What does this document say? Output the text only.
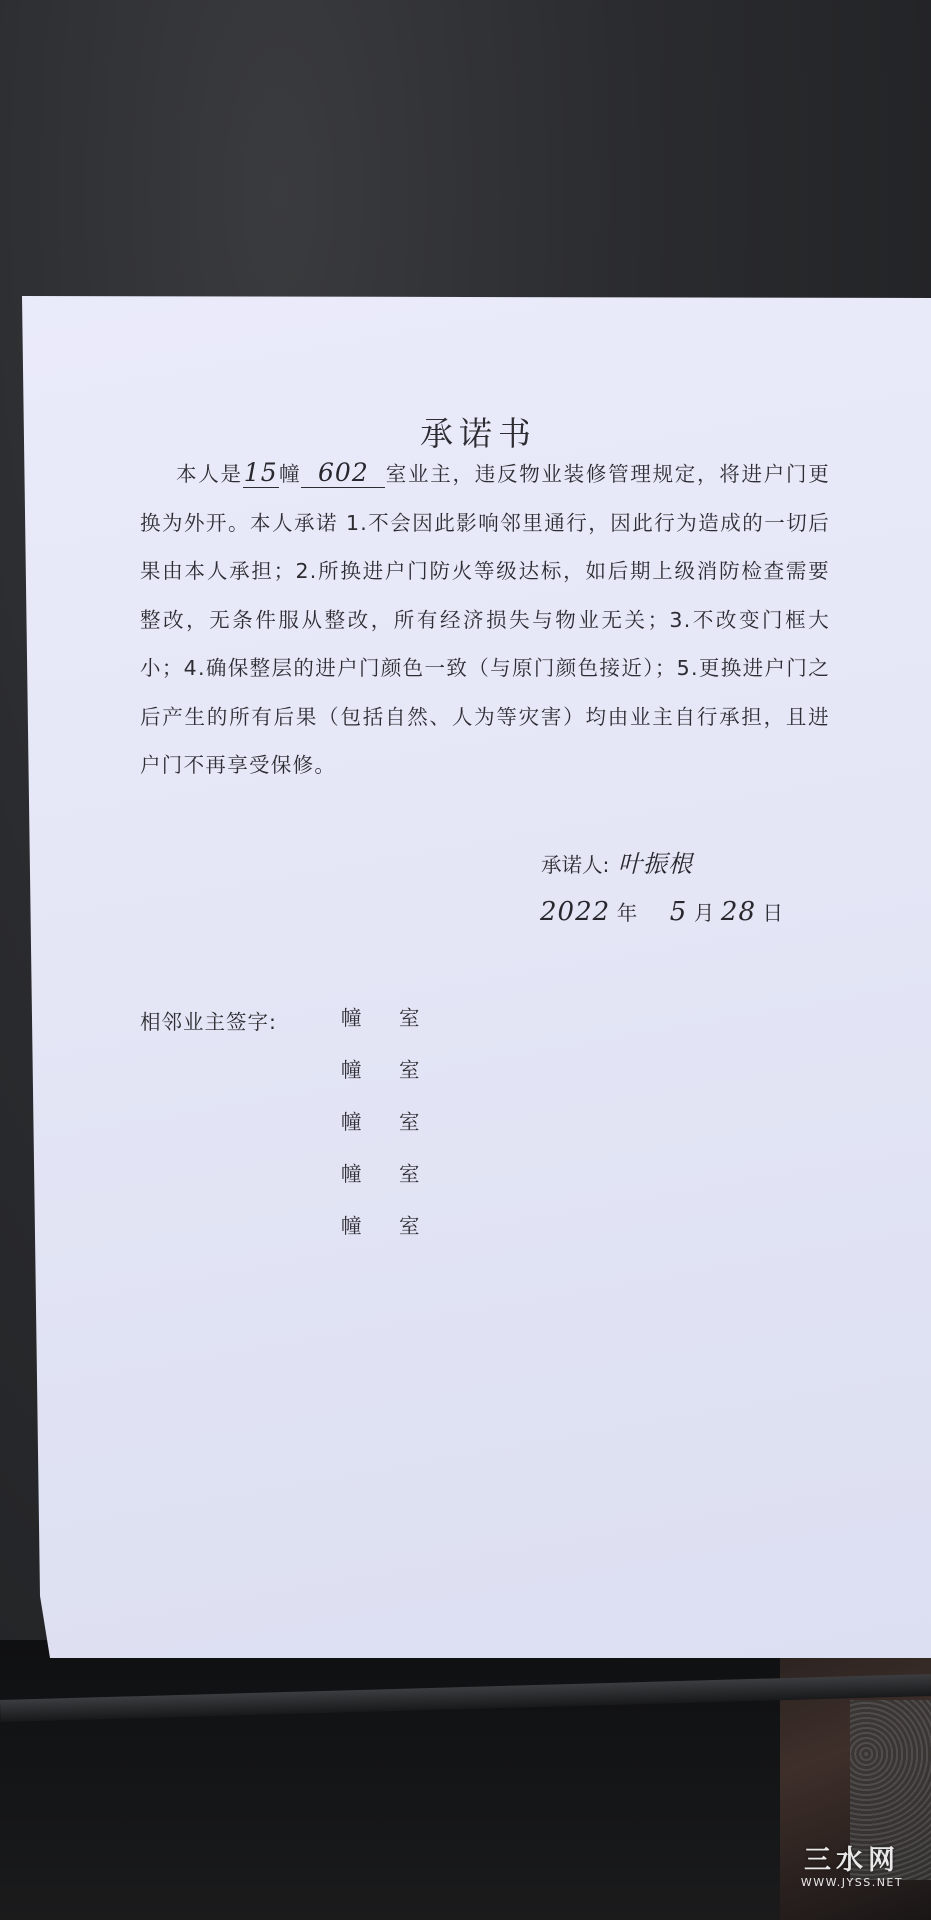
承诺书
本人是15幢 602 室业主，违反物业装修管理规定，将进户门更换为外开。本人承诺 1.不会因此影响邻里通行，因此行为造成的一切后果由本人承担；2.所换进户门防火等级达标，如后期上级消防检查需要整改，无条件服从整改，所有经济损失与物业无关；3.不改变门框大小；4.确保整层的进户门颜色一致（与原门颜色接近）；5.更换进户门之后产生的所有后果（包括自然、人为等灾害）均由业主自行承担，且进户门不再享受保修。
承诺人: 叶振根
2022 年 5 月 28 日
相邻业主签字:	幢 室
幢 室
幢 室
幢 室
幢 室
三水网
WWW.JYSS.NET
